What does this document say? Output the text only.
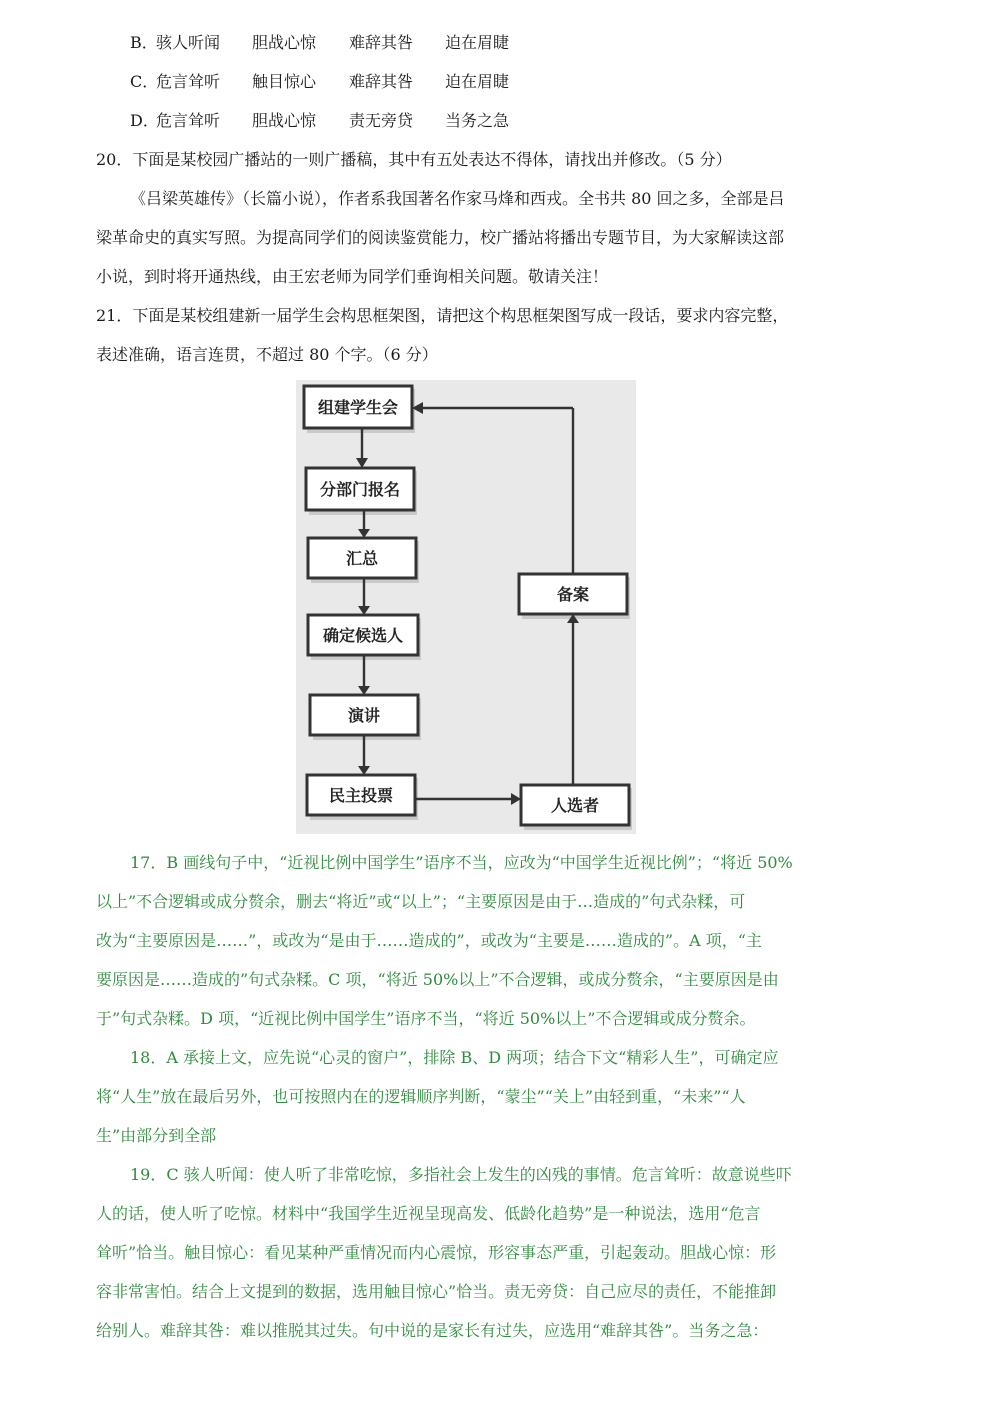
B．骇人听闻 胆战心惊 难辞其咎 迫在眉睫
C．危言耸听 触目惊心 难辞其咎 迫在眉睫
D．危言耸听 胆战心惊 责无旁贷 当务之急
20．下面是某校园广播站的一则广播稿，其中有五处表达不得体，请找出并修改。（5 分）
《吕梁英雄传》（长篇小说），作者系我国著名作家马烽和西戎。全书共 80 回之多，全部是吕
梁革命史的真实写照。为提高同学们的阅读鉴赏能力，校广播站将播出专题节目，为大家解读这部
小说，到时将开通热线，由王宏老师为同学们垂询相关问题。敬请关注！
21．下面是某校组建新一届学生会构思框架图，请把这个构思框架图写成一段话，要求内容完整，
表述准确，语言连贯，不超过 80 个字。（6 分）
组建学生会
分部门报名
汇总
确定候选人
演讲
民主投票
人选者
备案
17．B 画线句子中，“近视比例中国学生”语序不当，应改为“中国学生近视比例”；“将近 50%
以上”不合逻辑或成分赘余，删去“将近”或“以上”；“主要原因是由于…造成的”句式杂糅，可
改为“主要原因是……”，或改为“是由于……造成的”，或改为“主要是……造成的”。A 项，“主
要原因是……造成的”句式杂糅。C 项，“将近 50%以上”不合逻辑，或成分赘余，“主要原因是由
于”句式杂糅。D 项，“近视比例中国学生”语序不当，“将近 50%以上”不合逻辑或成分赘余。
18．A 承接上文，应先说“心灵的窗户”，排除 B、D 两项；结合下文“精彩人生”，可确定应
将“人生”放在最后另外，也可按照内在的逻辑顺序判断，“蒙尘”“关上”由轻到重，“未来”“人
生”由部分到全部
19．C 骇人听闻：使人听了非常吃惊，多指社会上发生的凶残的事情。危言耸听：故意说些吓
人的话，使人听了吃惊。材料中“我国学生近视呈现高发、低龄化趋势”是一种说法，选用“危言
耸听”恰当。触目惊心：看见某种严重情况而内心震惊，形容事态严重，引起轰动。胆战心惊：形
容非常害怕。结合上文提到的数据，选用触目惊心”恰当。责无旁贷：自己应尽的责任，不能推卸
给别人。难辞其咎：难以推脱其过失。句中说的是家长有过失，应选用“难辞其咎”。当务之急：
